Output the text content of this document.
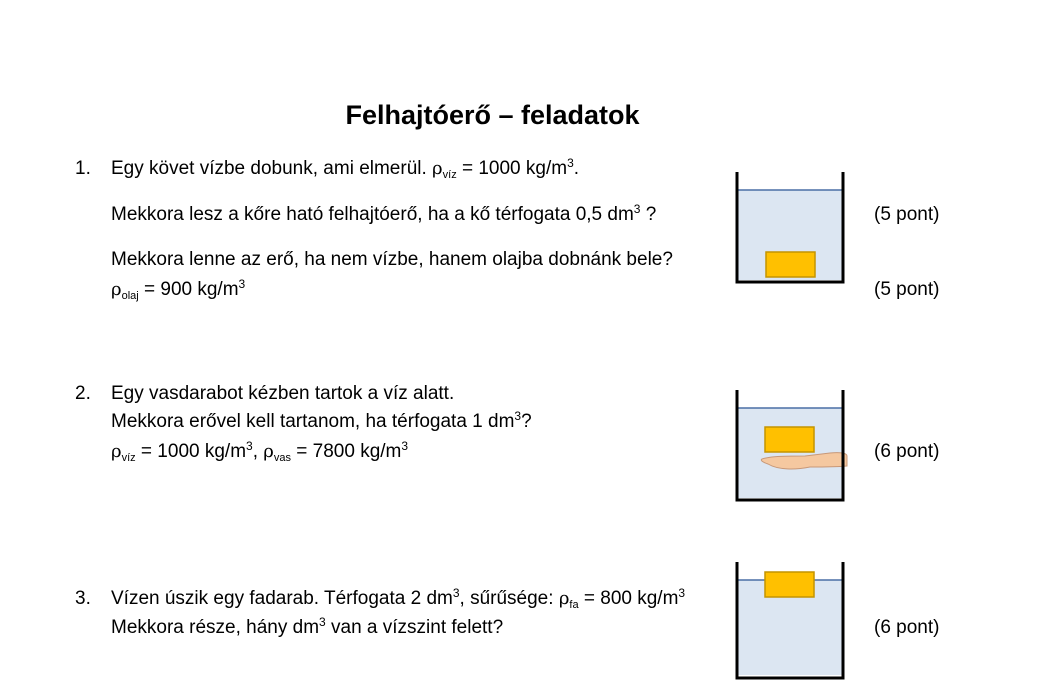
Felhajtóerő – feladatok
1. Egy követ vízbe dobunk, ami elmerül. $\rho_{víz} = 1000$ $kg/m^3$.
Mekkora lesz a kőre ható felhajtóerő, ha a kő térfogata 0,5 $dm^3$ ?	(5 pont)
Mekkora lenne az erő, ha nem vízbe, hanem olajba dobnánk bele?
$\rho_{olaj} = 900$ $kg/m^3$	(5 pont)
2. Egy vasdarabot kézben tartok a víz alatt.
Mekkora erővel kell tartanom, ha térfogata 1 $dm^3$?
$\rho_{víz} = 1000$ $kg/m^3$, $\rho_{vas} = 7800$ $kg/m^3$	(6 pont)
3. Vízen úszik egy fadarab. Térfogata 2 $dm^3$, sűrűsége: $\rho_{fa} = 800$ $kg/m^3$
Mekkora része, hány $dm^3$ van a vízszint felett?	(6 pont)
